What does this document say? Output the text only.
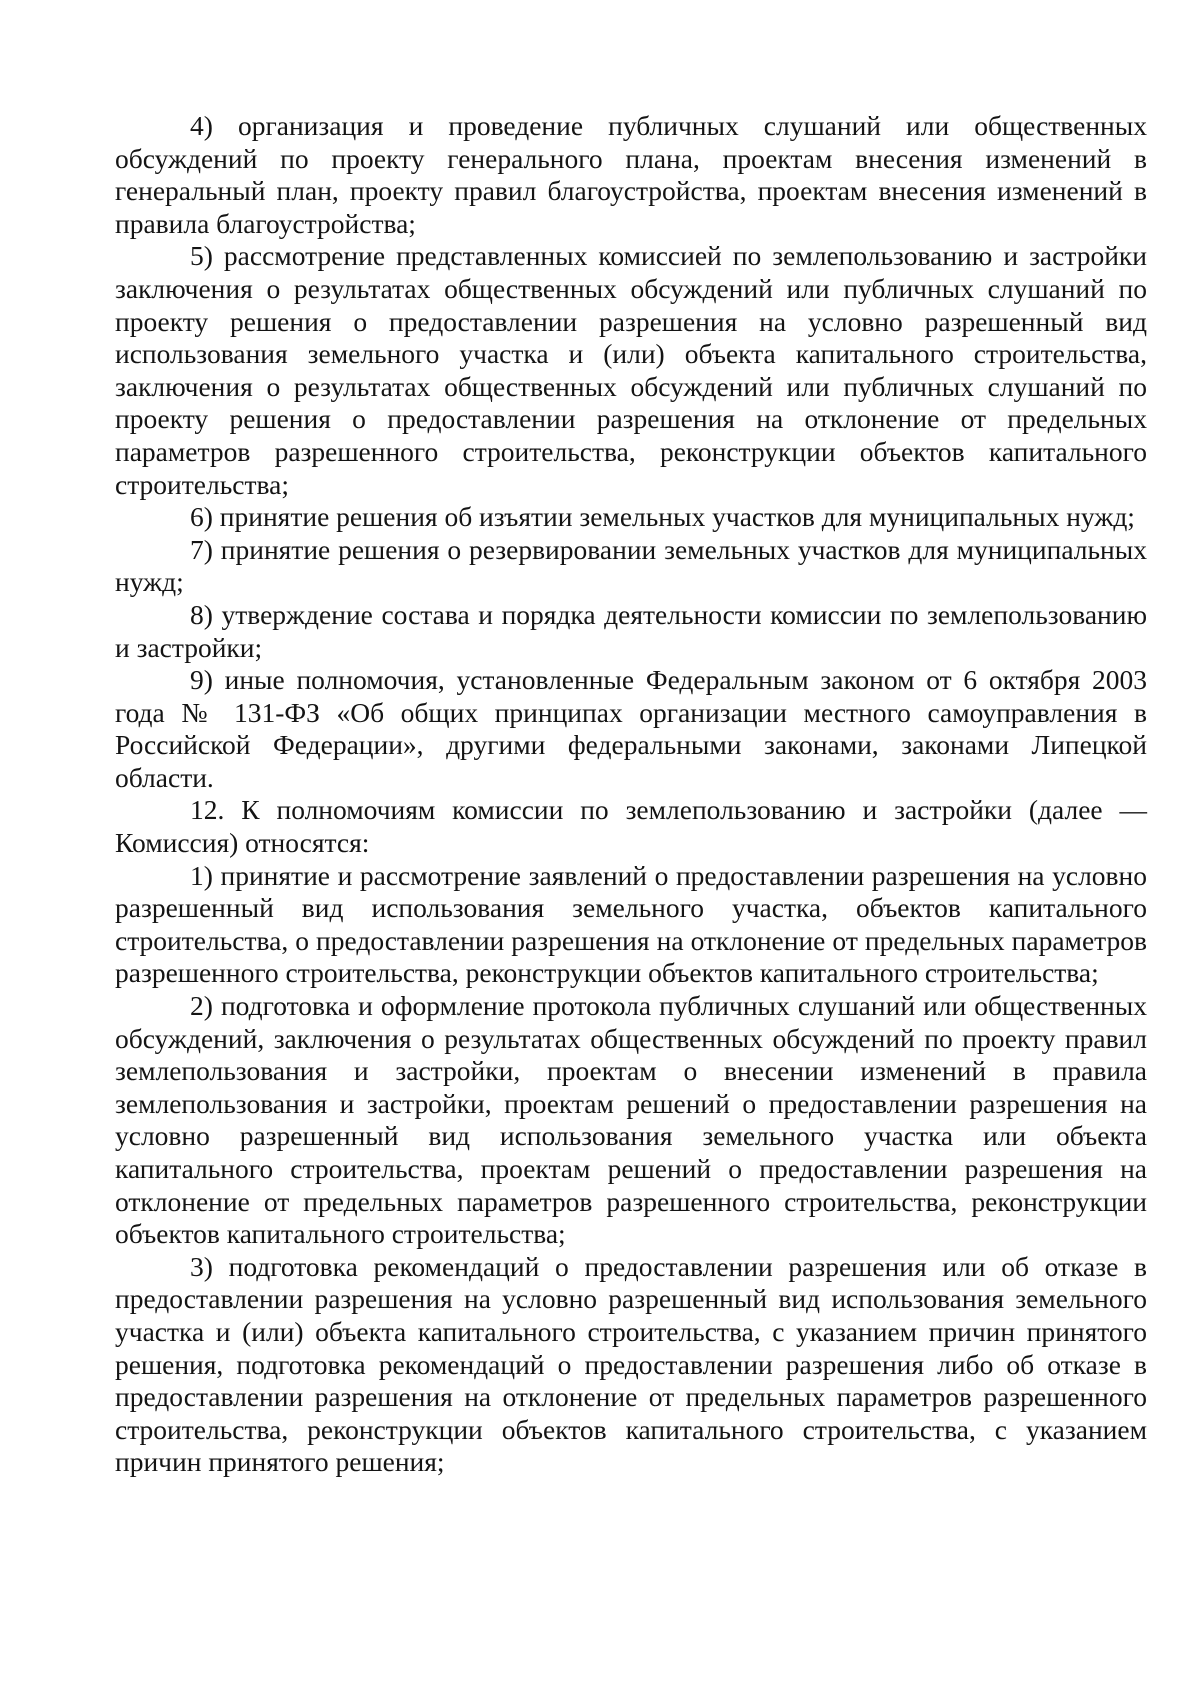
4) организация и проведение публичных слушаний или общественных обсуждений по проекту генерального плана, проектам внесения изменений в генеральный план, проекту правил благоустройства, проектам внесения изменений в правила благоустройства;

5) рассмотрение представленных комиссией по землепользованию и застройки заключения о результатах общественных обсуждений или публичных слушаний по проекту решения о предоставлении разрешения на условно разрешенный вид использования земельного участка и (или) объекта капитального строительства, заключения о результатах общественных обсуждений или публичных слушаний по проекту решения о предоставлении разрешения на отклонение от предельных параметров разрешенного строительства, реконструкции объектов капитального строительства;

6) принятие решения об изъятии земельных участков для муниципальных нужд;

7) принятие решения о резервировании земельных участков для муниципальных нужд;

8) утверждение состава и порядка деятельности комиссии по землепользованию и застройки;

9) иные полномочия, установленные Федеральным законом от 6 октября 2003 года № 131-ФЗ «Об общих принципах организации местного самоуправления в Российской Федерации», другими федеральными законами, законами Липецкой области.

12. К полномочиям комиссии по землепользованию и застройки (далее — Комиссия) относятся:

1) принятие и рассмотрение заявлений о предоставлении разрешения на условно разрешенный вид использования земельного участка, объектов капитального строительства, о предоставлении разрешения на отклонение от предельных параметров разрешенного строительства, реконструкции объектов капитального строительства;

2) подготовка и оформление протокола публичных слушаний или общественных обсуждений, заключения о результатах общественных обсуждений по проекту правил землепользования и застройки, проектам о внесении изменений в правила землепользования и застройки, проектам решений о предоставлении разрешения на условно разрешенный вид использования земельного участка или объекта капитального строительства, проектам решений о предоставлении разрешения на отклонение от предельных параметров разрешенного строительства, реконструкции объектов капитального строительства;

3) подготовка рекомендаций о предоставлении разрешения или об отказе в предоставлении разрешения на условно разрешенный вид использования земельного участка и (или) объекта капитального строительства, с указанием причин принятого решения, подготовка рекомендаций о предоставлении разрешения либо об отказе в предоставлении разрешения на отклонение от предельных параметров разрешенного строительства, реконструкции объектов капитального строительства, с указанием причин принятого решения;
